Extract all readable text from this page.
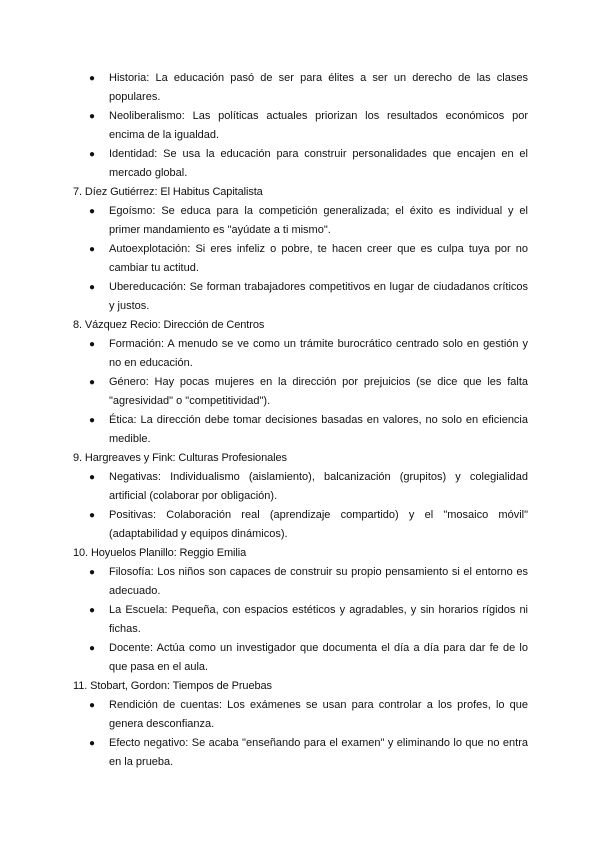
● Historia: La educación pasó de ser para élites a ser un derecho de las clases populares.
● Neoliberalismo: Las políticas actuales priorizan los resultados económicos por encima de la igualdad.
● Identidad: Se usa la educación para construir personalidades que encajen en el mercado global.
7. Díez Gutiérrez: El Habitus Capitalista
● Egoísmo: Se educa para la competición generalizada; el éxito es individual y el primer mandamiento es "ayúdate a ti mismo".
● Autoexplotación: Si eres infeliz o pobre, te hacen creer que es culpa tuya por no cambiar tu actitud.
● Ubereducación: Se forman trabajadores competitivos en lugar de ciudadanos críticos y justos.
8. Vázquez Recio: Dirección de Centros
● Formación: A menudo se ve como un trámite burocrático centrado solo en gestión y no en educación.
● Género: Hay pocas mujeres en la dirección por prejuicios (se dice que les falta "agresividad" o "competitividad").
● Ética: La dirección debe tomar decisiones basadas en valores, no solo en eficiencia medible.
9. Hargreaves y Fink: Culturas Profesionales
● Negativas: Individualismo (aislamiento), balcanización (grupitos) y colegialidad artificial (colaborar por obligación).
● Positivas: Colaboración real (aprendizaje compartido) y el "mosaico móvil" (adaptabilidad y equipos dinámicos).
10. Hoyuelos Planillo: Reggio Emilia
● Filosofía: Los niños son capaces de construir su propio pensamiento si el entorno es adecuado.
● La Escuela: Pequeña, con espacios estéticos y agradables, y sin horarios rígidos ni fichas.
● Docente: Actúa como un investigador que documenta el día a día para dar fe de lo que pasa en el aula.
11. Stobart, Gordon: Tiempos de Pruebas
● Rendición de cuentas: Los exámenes se usan para controlar a los profes, lo que genera desconfianza.
● Efecto negativo: Se acaba "enseñando para el examen" y eliminando lo que no entra en la prueba.
